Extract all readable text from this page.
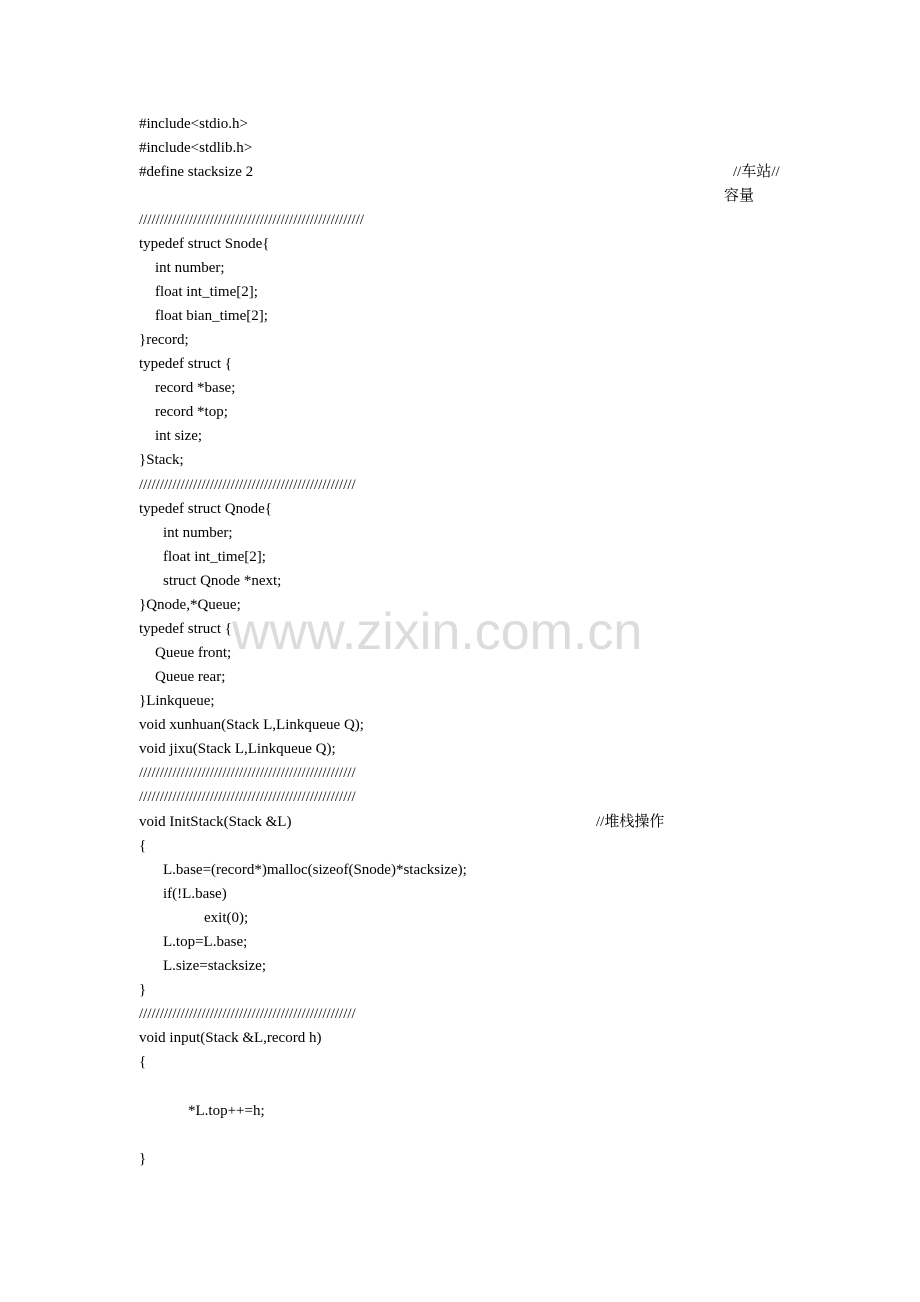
#include<stdio.h>
#include<stdlib.h>
#define stacksize 2	//车站//
容量
//////////////////////////////////////////////////////
typedef struct Snode{
int number;
float int_time[2];
float bian_time[2];
}record;
typedef struct {
record *base;
record *top;
int size;
}Stack;
////////////////////////////////////////////////////
typedef struct Qnode{
int number;
float int_time[2];
struct Qnode *next;
}Qnode,*Queue;
typedef struct {
Queue front;
Queue rear;
}Linkqueue;
void xunhuan(Stack L,Linkqueue Q);
void jixu(Stack L,Linkqueue Q);
////////////////////////////////////////////////////
////////////////////////////////////////////////////
void InitStack(Stack &L)	//堆栈操作
{
L.base=(record*)malloc(sizeof(Snode)*stacksize);
if(!L.base)
exit(0);
L.top=L.base;
L.size=stacksize;
}
////////////////////////////////////////////////////
void input(Stack &L,record h)
{
*L.top++=h;
}
www.zixin.com.cn
